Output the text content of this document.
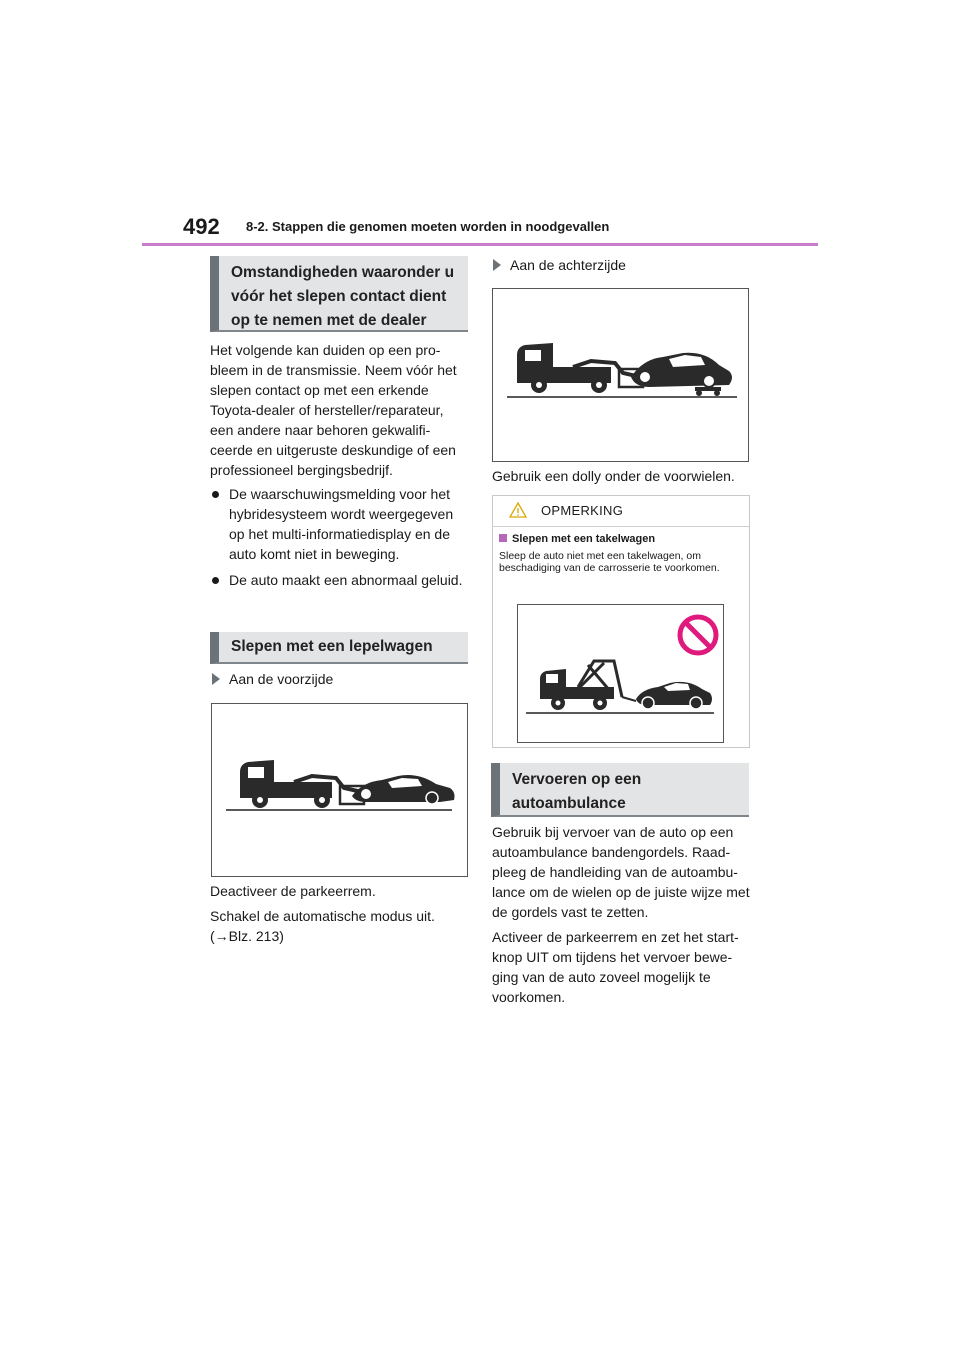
492 8-2. Stappen die genomen moeten worden in noodgevallen
Omstandigheden waaronder u vóór het slepen contact dient op te nemen met de dealer

Het volgende kan duiden op een pro-bleem in de transmissie. Neem vóór het slepen contact op met een erkende Toyota-dealer of hersteller/reparateur, een andere naar behoren gekwalifi-ceerde en uitgeruste deskundige of een professioneel bergingsbedrijf.

De waarschuwingsmelding voor het hybridesysteem wordt weergegeven op het multi-informatiedisplay en de auto komt niet in beweging.
De auto maakt een abnormaal geluid.
Slepen met een lepelwagen
Aan de voorzijde

Deactiveer de parkeerrem.

Schakel de automatische modus uit. (→Blz. 213)

Aan de achterzijde

Gebruik een dolly onder de voorwielen.

OPMERKING
Slepen met een takelwagen
Sleep de auto niet met een takelwagen, om beschadiging van de carrosserie te voorkomen.
Vervoeren op een autoambulance

Gebruik bij vervoer van de auto op een autoambulance bandengordels. Raad-pleeg de handleiding van de autoambu-lance om de wielen op de juiste wijze met de gordels vast te zetten.

Activeer de parkeerrem en zet het start-knop UIT om tijdens het vervoer bewe-ging van de auto zoveel mogelijk te voorkomen.
